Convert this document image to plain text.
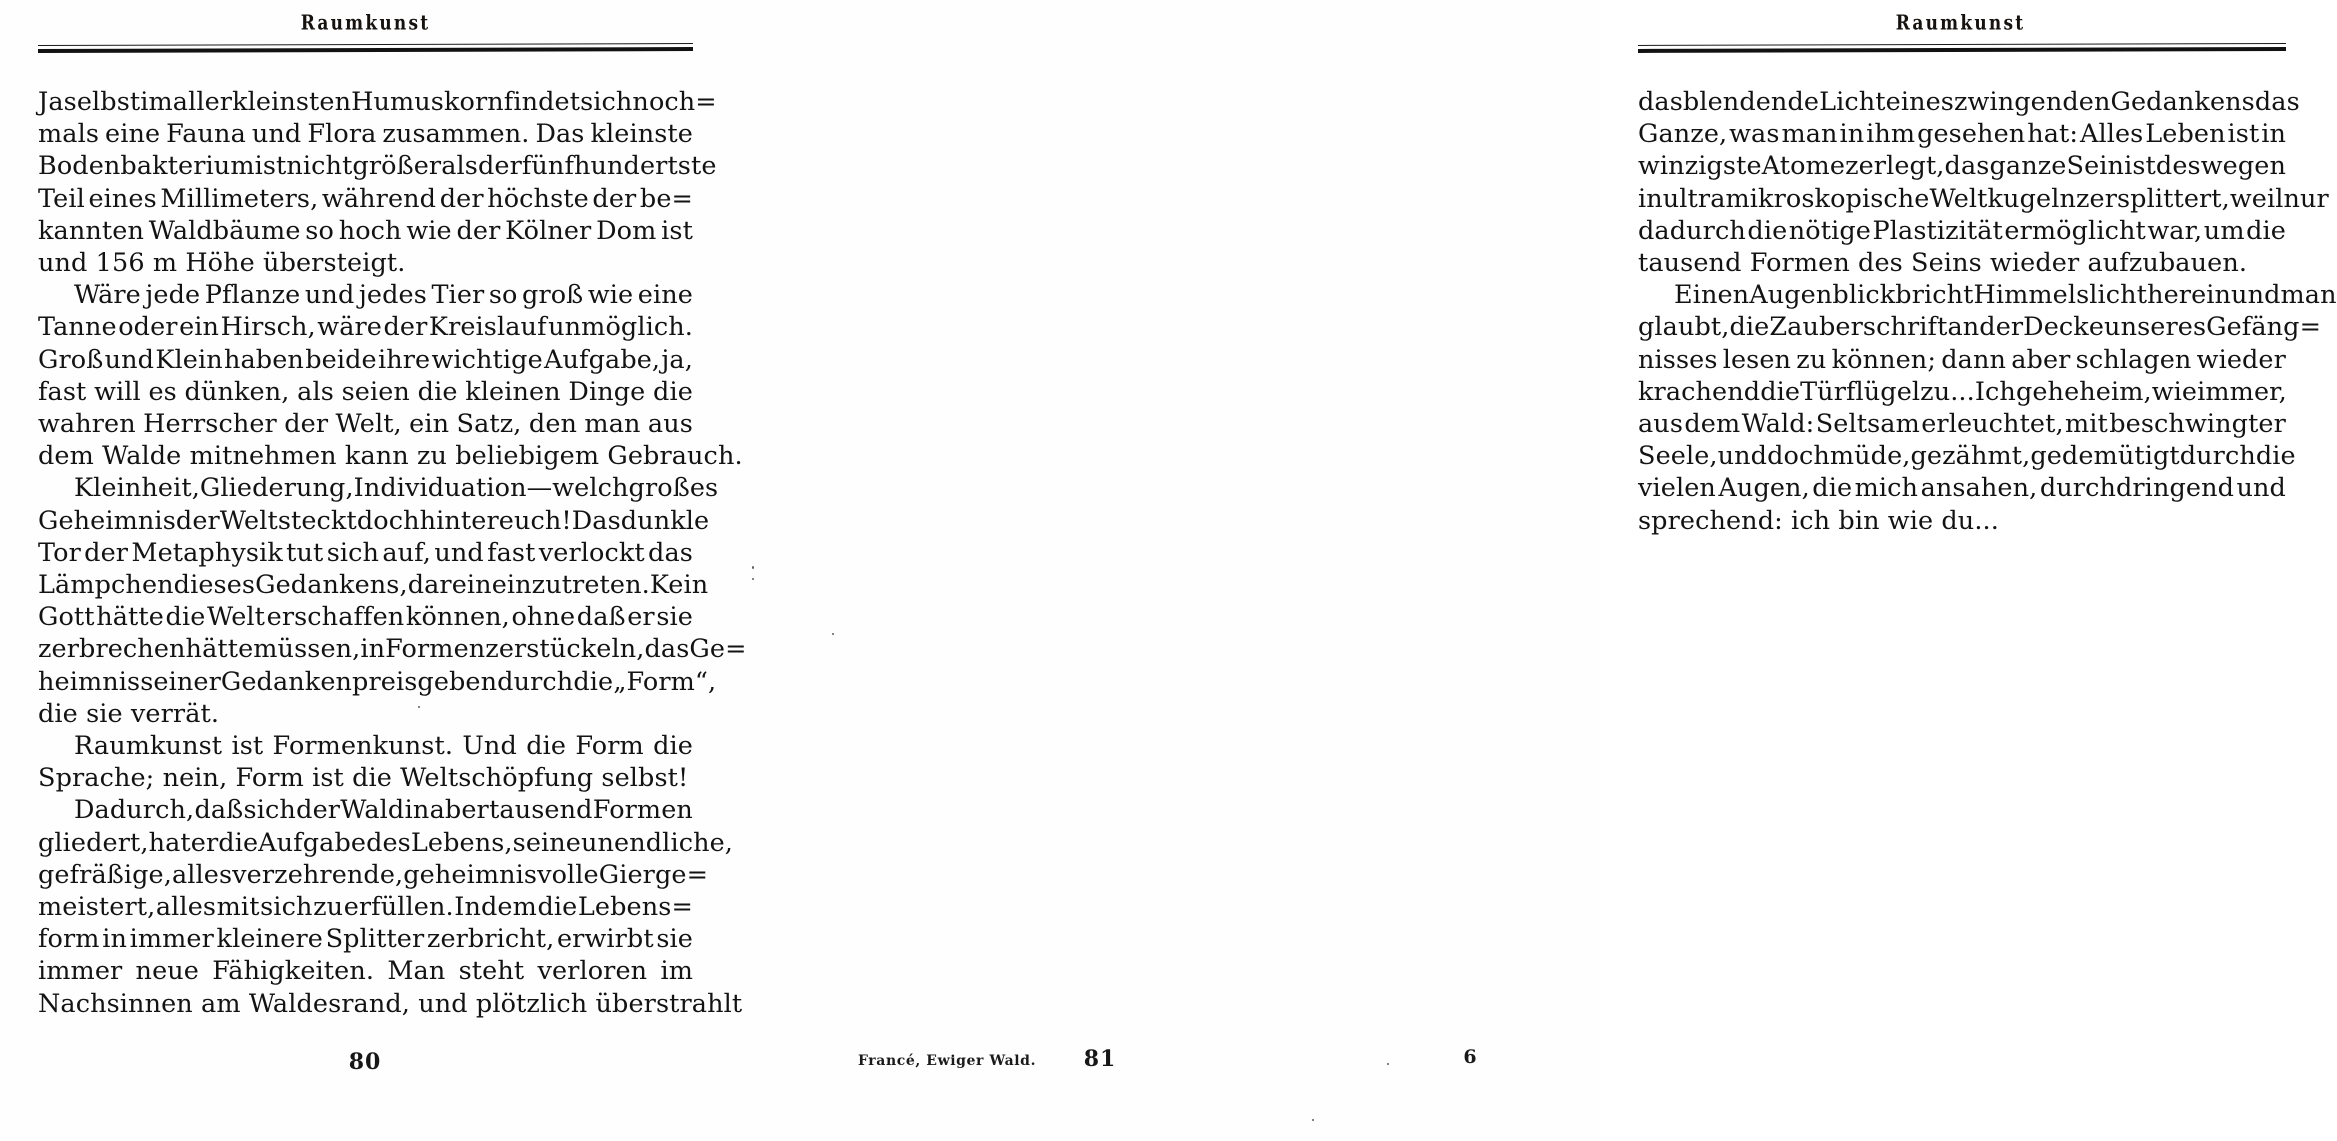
Raumkunst

Ja selbst im allerkleinsten Humuskorn findet sich noch=
mals eine Fauna und Flora zusammen. Das kleinste
Bodenbakterium ist nicht größer als der fünfhundertste
Teil eines Millimeters, während der höchste der be=
kannten Waldbäume so hoch wie der Kölner Dom ist
und 156 m Höhe übersteigt.

Wäre jede Pflanze und jedes Tier so groß wie eine
Tanne oder ein Hirsch, wäre der Kreislauf unmöglich.
Groß und Klein haben beide ihre wichtige Aufgabe, ja,
fast will es dünken, als seien die kleinen Dinge die
wahren Herrscher der Welt, ein Satz, den man aus
dem Walde mitnehmen kann zu beliebigem Gebrauch.

Kleinheit, Gliederung, Individuation — welch großes
Geheimnis der Welt steckt doch hinter euch! Das dunkle
Tor der Metaphysik tut sich auf, und fast verlockt das
Lämpchen dieses Gedankens, darein einzutreten. Kein
Gott hätte die Welt erschaffen können, ohne daß er sie
zerbrechen hätte müssen, in Formen zerstückeln, das Ge=
heimnis seiner Gedanken preisgeben durch die „Form“,
die sie verrät.

Raumkunst ist Formenkunst. Und die Form die
Sprache; nein, Form ist die Weltschöpfung selbst!

Dadurch, daß sich der Wald in aber tausend Formen
gliedert, hat er die Aufgabe des Lebens, seine unendliche,
gefräßige, alles verzehrende, geheimnisvolle Gier ge=
meistert, alles mit sich zu erfüllen. Indem die Lebens=
form in immer kleinere Splitter zerbricht, erwirbt sie
immer neue Fähigkeiten. Man steht verloren im
Nachsinnen am Waldesrand, und plötzlich überstrahlt

80
Raumkunst

das blendende Licht eines zwingenden Gedankens das
Ganze, was man in ihm gesehen hat: Alles Leben ist in
winzigste Atome zerlegt, das ganze Sein ist deswegen
in ultramikroskopische Weltkugeln zersplittert, weil nur
dadurch die nötige Plastizität ermöglicht war, um die
tausend Formen des Seins wieder aufzubauen.

Einen Augenblick bricht Himmelslicht herein und man
glaubt, die Zauberschrift an der Decke unseres Gefäng=
nisses lesen zu können; dann aber schlagen wieder
krachend die Türflügel zu... Ich gehe heim, wie immer,
aus dem Wald: Seltsam erleuchtet, mit beschwingter
Seele, und doch müde, gezähmt, gedemütigt durch die
vielen Augen, die mich ansahen, durchdringend und
sprechend: ich bin wie du...

Francé, Ewiger Wald.	81	6
